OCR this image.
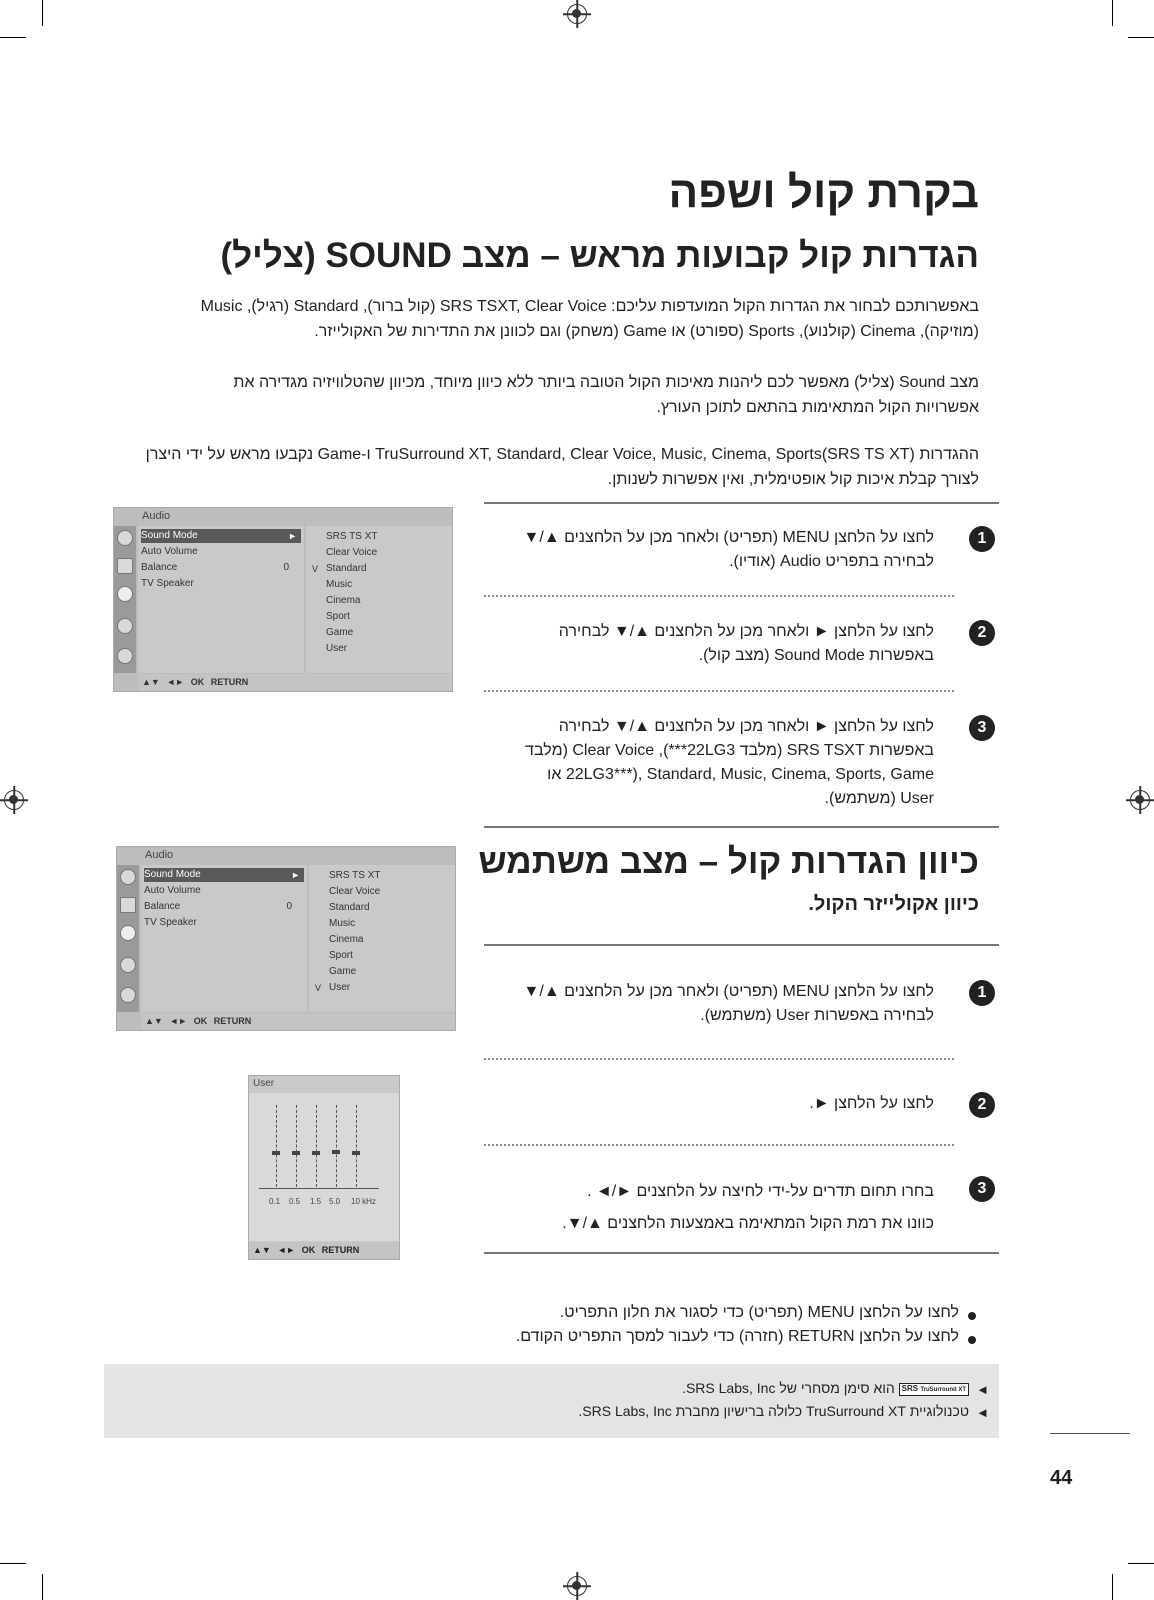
בקרת קול ושפה
הגדרות קול קבועות מראש – מצב SOUND (צליל)
באפשרותכם לבחור את הגדרות הקול המועדפות עליכם: SRS TSXT, Clear Voice (קול ברור), Standard (רגיל), Music
(מוזיקה), Cinema (קולנוע), Sports (ספורט) או Game (משחק) וגם לכוונן את התדירות של האקולייזר.
מצב Sound (צליל) מאפשר לכם ליהנות מאיכות הקול הטובה ביותר ללא כיוון מיוחד, מכיוון שהטלוויזיה מגדירה את
אפשרויות הקול המתאימות בהתאם לתוכן העורץ.
ההגדרות (SRS TS XT)TruSurround XT, Standard, Clear Voice, Music, Cinema, Sports ו-Game נקבעו מראש על ידי היצרן
לצורך קבלת איכות קול אופטימלית, ואין אפשרות לשנותן.
Audio
Sound Mode	►
Auto Volume
Balance	0
TV Speaker
SRS TS XT
Clear Voice
V Standard
Music
Cinema
Sport
Game
User
▲▼ ◄► OK RETURN
1
לחצו על הלחצן MENU (תפריט) ולאחר מכן על הלחצנים ▲/▼
לבחירה בתפריט Audio (אודיו).
2
לחצו על הלחצן ► ולאחר מכן על הלחצנים ▲/▼ לבחירה
באפשרות Sound Mode (מצב קול).
3
לחצו על הלחצן ► ולאחר מכן על הלחצנים ▲/▼ לבחירה
באפשרות SRS TSXT (מלבד 22LG3***), Clear Voice (מלבד
22LG3***), Standard, Music, Cinema, Sports, Game או
User (משתמש).
Audio
Sound Mode	►
Auto Volume
Balance	0
TV Speaker
SRS TS XT
Clear Voice
Standard
Music
Cinema
Sport
Game
V User
▲▼ ◄► OK RETURN
כיוון הגדרות קול – מצב משתמש
כיוון אקולייזר הקול.
1
לחצו על הלחצן MENU (תפריט) ולאחר מכן על הלחצנים ▲/▼
לבחירה באפשרות User (משתמש).
2
לחצו על הלחצן ►.
3
בחרו תחום תדרים על-ידי לחיצה על הלחצנים ►/◄ .
כוונו את רמת הקול המתאימה באמצעות הלחצנים ▲/▼.
User
0.1 0.5 1.5 5.0 10 kHz
▲▼ ◄► OK RETURN
לחצו על הלחצן MENU (תפריט) כדי לסגור את חלון התפריט.
לחצו על הלחצן RETURN (חזרה) כדי לעבור למסך התפריט הקודם.
◄
SRS TruSurround XT הוא סימן מסחרי של SRS Labs, Inc.
◄
טכנולוגיית TruSurround XT כלולה ברישיון מחברת SRS Labs, Inc.
44
